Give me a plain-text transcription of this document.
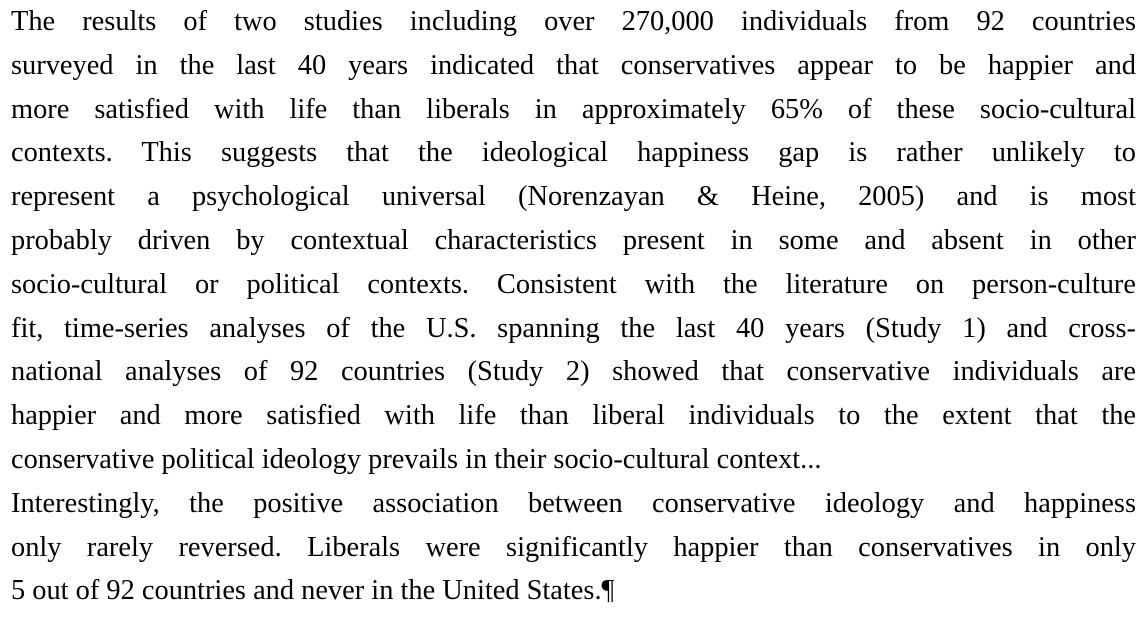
The results of two studies including over 270,000 individuals from 92 countries
surveyed in the last 40 years indicated that conservatives appear to be happier and
more satisfied with life than liberals in approximately 65% of these socio-cultural
contexts. This suggests that the ideological happiness gap is rather unlikely to
represent a psychological universal (Norenzayan & Heine, 2005) and is most
probably driven by contextual characteristics present in some and absent in other
socio-cultural or political contexts. Consistent with the literature on person-culture
fit, time-series analyses of the U.S. spanning the last 40 years (Study 1) and cross-
national analyses of 92 countries (Study 2) showed that conservative individuals are
happier and more satisfied with life than liberal individuals to the extent that the
conservative political ideology prevails in their socio-cultural context...
Interestingly, the positive association between conservative ideology and happiness
only rarely reversed. Liberals were significantly happier than conservatives in only
5 out of 92 countries and never in the United States.¶
